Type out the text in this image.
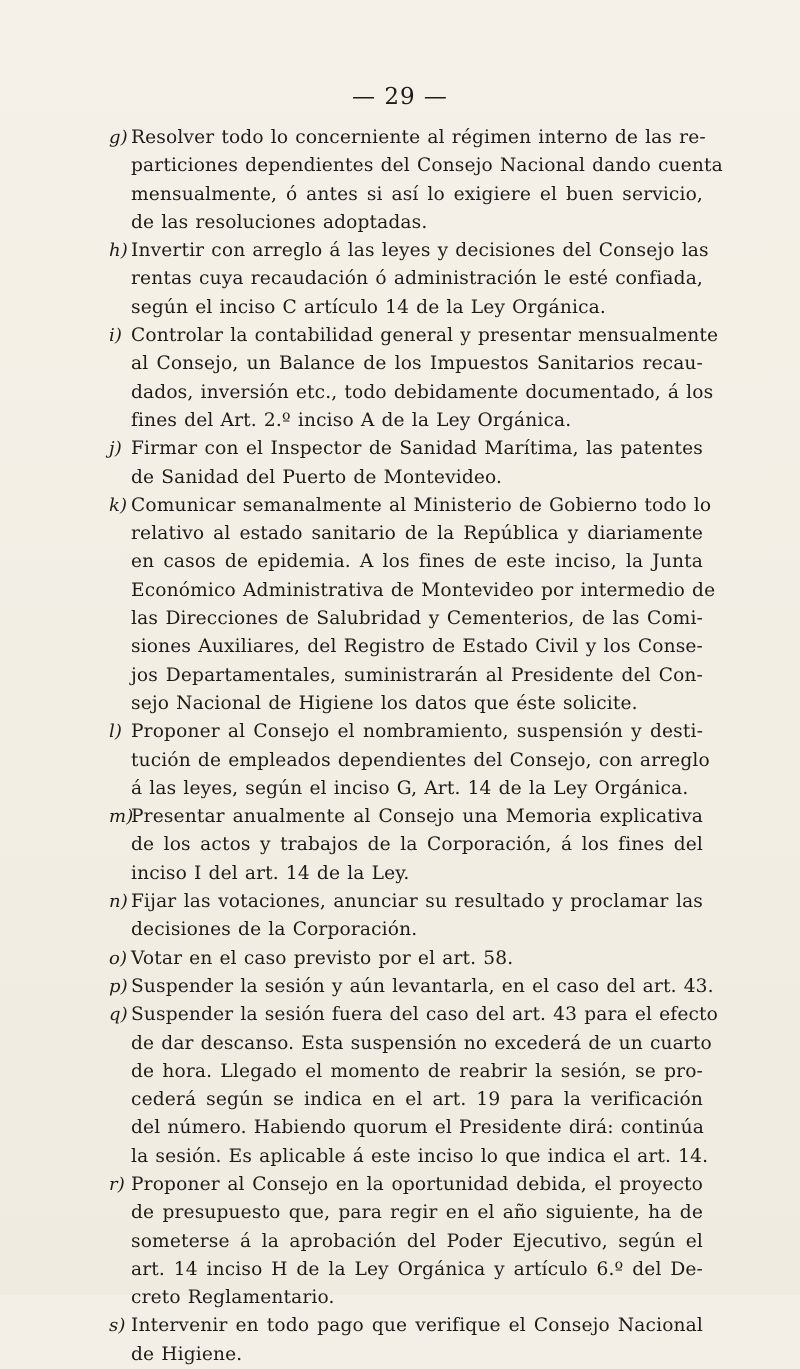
— 29 —
g) Resolver todo lo concerniente al régimen interno de las re-
particiones dependientes del Consejo Nacional dando cuenta
mensualmente, ó antes si así lo exigiere el buen servicio,
de las resoluciones adoptadas.
h) Invertir con arreglo á las leyes y decisiones del Consejo las
rentas cuya recaudación ó administración le esté confiada,
según el inciso C artículo 14 de la Ley Orgánica.
i) Controlar la contabilidad general y presentar mensualmente
al Consejo, un Balance de los Impuestos Sanitarios recau-
dados, inversión etc., todo debidamente documentado, á los
fines del Art. 2.º inciso A de la Ley Orgánica.
j) Firmar con el Inspector de Sanidad Marítima, las patentes
de Sanidad del Puerto de Montevideo.
k) Comunicar semanalmente al Ministerio de Gobierno todo lo
relativo al estado sanitario de la República y diariamente
en casos de epidemia. A los fines de este inciso, la Junta
Económico Administrativa de Montevideo por intermedio de
las Direcciones de Salubridad y Cementerios, de las Comi-
siones Auxiliares, del Registro de Estado Civil y los Conse-
jos Departamentales, suministrarán al Presidente del Con-
sejo Nacional de Higiene los datos que éste solicite.
l) Proponer al Consejo el nombramiento, suspensión y desti-
tución de empleados dependientes del Consejo, con arreglo
á las leyes, según el inciso G, Art. 14 de la Ley Orgánica.
m)
Presentar anualmente al Consejo una Memoria explicativa
de los actos y trabajos de la Corporación, á los fines del
inciso I del art. 14 de la Ley.
n) Fijar las votaciones, anunciar su resultado y proclamar las
decisiones de la Corporación.
o) Votar en el caso previsto por el art. 58.
p) Suspender la sesión y aún levantarla, en el caso del art. 43.
q) Suspender la sesión fuera del caso del art. 43 para el efecto
de dar descanso. Esta suspensión no excederá de un cuarto
de hora. Llegado el momento de reabrir la sesión, se pro-
cederá según se indica en el art. 19 para la verificación
del número. Habiendo quorum el Presidente dirá: continúa
la sesión. Es aplicable á este inciso lo que indica el art. 14.
r) Proponer al Consejo en la oportunidad debida, el proyecto
de presupuesto que, para regir en el año siguiente, ha de
someterse á la aprobación del Poder Ejecutivo, según el
art. 14 inciso H de la Ley Orgánica y artículo 6.º del De-
creto Reglamentario.
s) Intervenir en todo pago que verifique el Consejo Nacional
de Higiene.
